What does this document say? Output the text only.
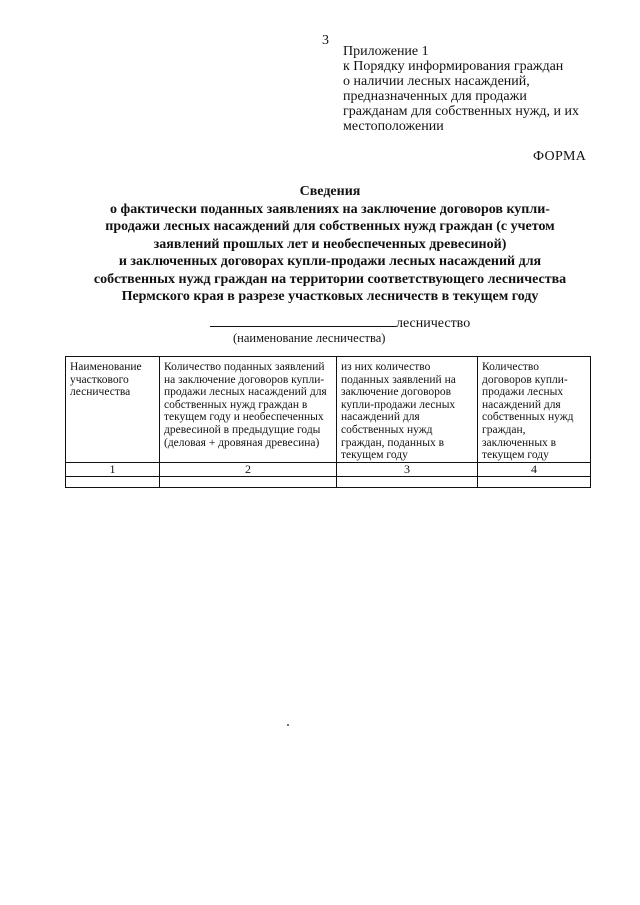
3
Приложение 1
к Порядку информирования граждан
о наличии лесных насаждений,
предназначенных для продажи
гражданам для собственных нужд, и их
местоположении
ФОРМА
Сведения
о фактически поданных заявлениях на заключение договоров купли-
продажи лесных насаждений для собственных нужд граждан (с учетом
заявлений прошлых лет и необеспеченных древесиной)
и заключенных договорах купли-продажи лесных насаждений для
собственных нужд граждан на территории соответствующего лесничества
Пермского края в разрезе участковых лесничеств в текущем году
лесничество
(наименование лесничества)
Наименование участкового лесничества	Количество поданных заявлений на заключение договоров купли-продажи лесных насаждений для собственных нужд граждан в текущем году и необеспеченных древесиной в предыдущие годы (деловая + дровяная древесина)	из них количество поданных заявлений на заключение договоров купли-продажи лесных насаждений для собственных нужд граждан, поданных в текущем году	Количество договоров купли-продажи лесных насаждений для собственных нужд граждан, заключенных в текущем году
1	2	3	4
